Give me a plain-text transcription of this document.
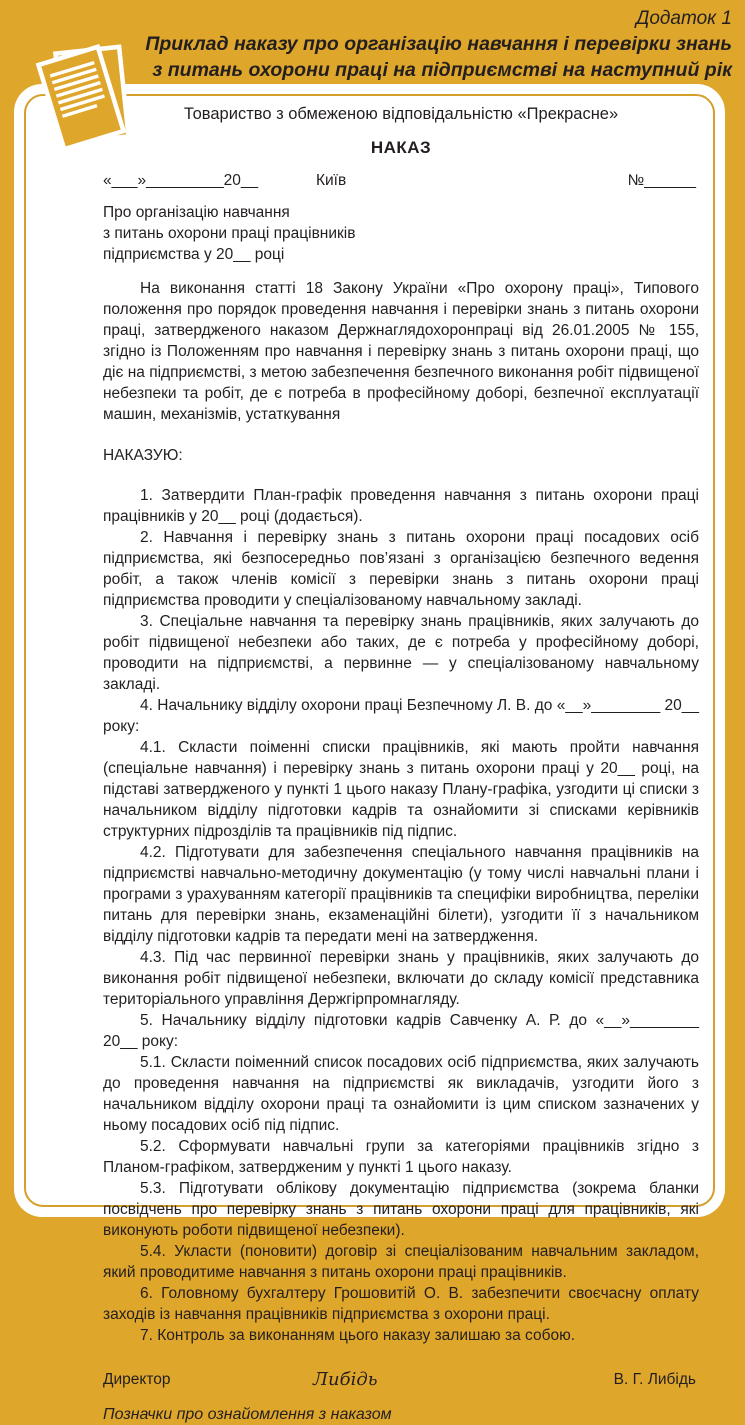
Додаток 1
Приклад наказу про організацію навчання і перевірки знань
з питань охорони праці на підприємстві на наступний рік
Товариство з обмеженою відповідальністю «Прекрасне»
НАКАЗ
«___»_________20__	Київ	№______

Про організацію навчання

з питань охорони праці працівників

підприємства у 20__ році

На виконання статті 18 Закону України «Про охорону праці», Типового положення про порядок проведення навчання і перевірки знань з питань охорони праці, затвердженого наказом Держнаглядохоронпраці від 26.01.2005 № 155, згідно із Положенням про навчання і перевірку знань з питань охорони праці, що діє на підприємстві, з метою забезпечення безпечного виконання робіт підвищеної небезпеки та робіт, де є потреба в професійному доборі, безпечної експлуатації машин, механізмів, устаткування

НАКАЗУЮ:

1. Затвердити План-графік проведення навчання з питань охорони праці працівників у 20__ році (додається).

2. Навчання і перевірку знань з питань охорони праці посадових осіб підприємства, які безпосередньо пов’язані з організацією безпечного ведення робіт, а також членів комісії з перевірки знань з питань охорони праці підприємства проводити у спеціалізованому навчальному закладі.

3. Спеціальне навчання та перевірку знань працівників, яких залучають до робіт підвищеної небезпеки або таких, де є потреба у професійному доборі, проводити на підприємстві, а первинне — у спеціалізованому навчальному закладі.

4. Начальнику відділу охорони праці Безпечному Л. В. до «__»________ 20__ року:

4.1. Скласти поіменні списки працівників, які мають пройти навчання (спеціальне навчання) і перевірку знань з питань охорони праці у 20__ році, на підставі затвердженого у пункті 1 цього наказу Плану-графіка, узгодити ці списки з начальником відділу підготовки кадрів та ознайомити зі списками керівників структурних підрозділів та працівників під підпис.

4.2. Підготувати для забезпечення спеціального навчання працівників на підприємстві навчально-методичну документацію (у тому числі навчальні плани і програми з урахуванням категорії працівників та специфіки виробництва, переліки питань для перевірки знань, екзаменаційні білети), узгодити її з начальником відділу підготовки кадрів та передати мені на затвердження.

4.3. Під час первинної перевірки знань у працівників, яких залучають до виконання робіт підвищеної небезпеки, включати до складу комісії представника територіального управління Держгірпромнагляду.

5. Начальнику відділу підготовки кадрів Савченку А. Р. до «__»________ 20__ року:

5.1. Скласти поіменний список посадових осіб підприємства, яких залучають до проведення навчання на підприємстві як викладачів, узгодити його з начальником відділу охорони праці та ознайомити із цим списком зазначених у ньому посадових осіб під підпис.

5.2. Сформувати навчальні групи за категоріями працівників згідно з Планом-графіком, затвердженим у пункті 1 цього наказу.

5.3. Підготувати облікову документацію підприємства (зокрема бланки посвідчень про перевірку знань з питань охорони праці для працівників, які виконують роботи підвищеної небезпеки).

5.4. Укласти (поновити) договір зі спеціалізованим навчальним закладом, який проводитиме навчання з питань охорони праці працівників.

6. Головному бухгалтеру Грошовитій О. В. забезпечити своєчасну оплату заходів із навчання працівників підприємства з охорони праці.

7. Контроль за виконанням цього наказу залишаю за собою.

Директор	Либідь	В. Г. Либідь
Позначки про ознайомлення з наказом
